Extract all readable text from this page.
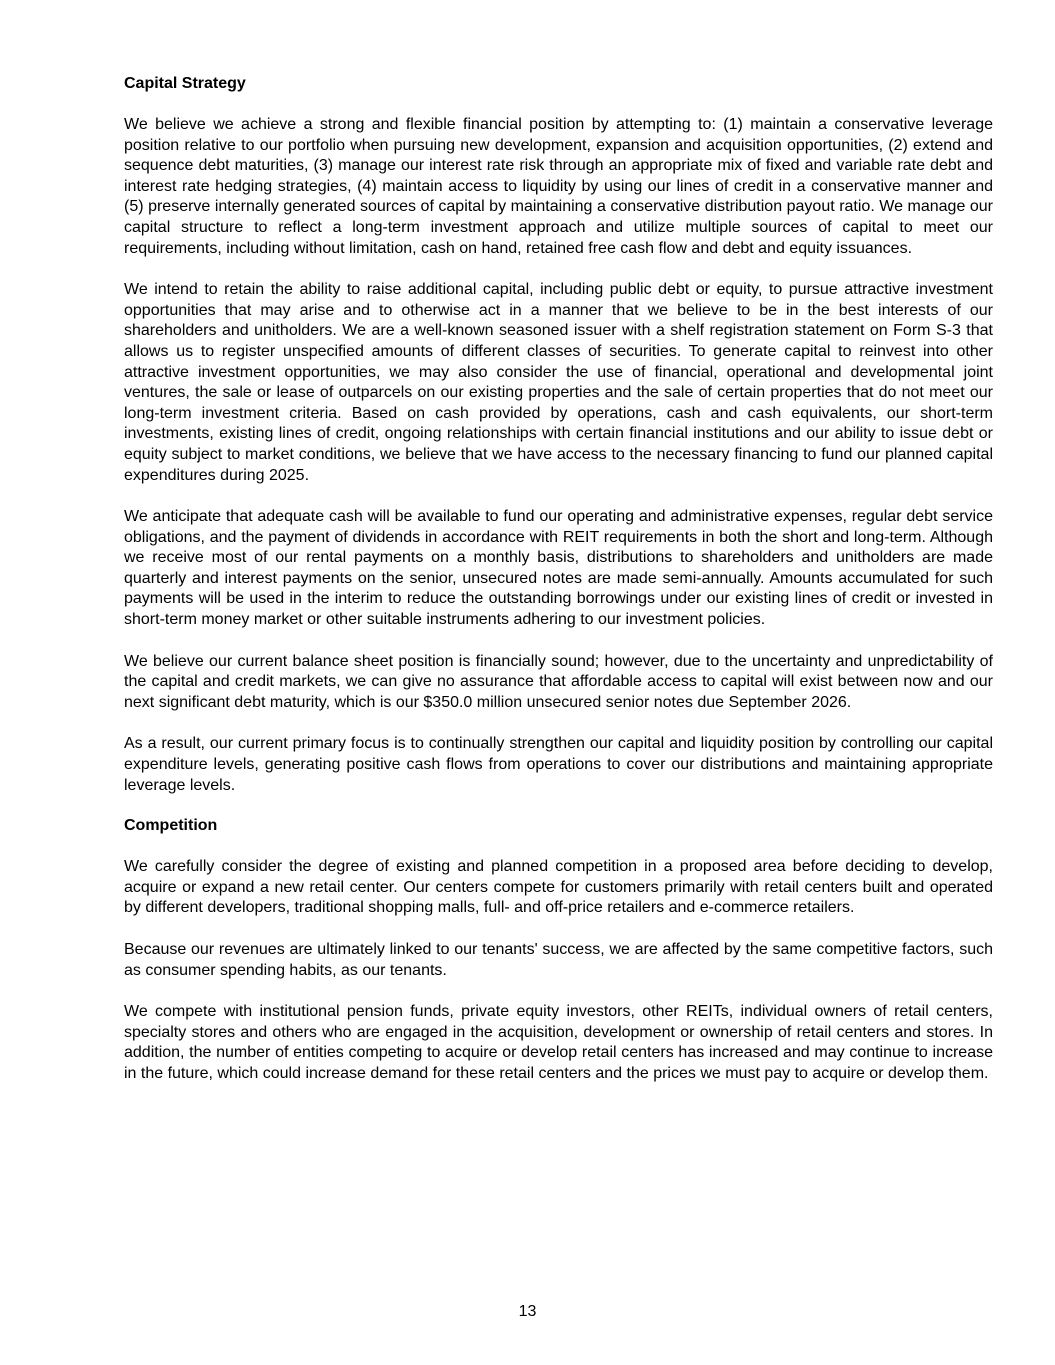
Capital Strategy

We believe we achieve a strong and flexible financial position by attempting to: (1) maintain a conservative leverage position relative to our portfolio when pursuing new development, expansion and acquisition opportunities, (2) extend and sequence debt maturities, (3) manage our interest rate risk through an appropriate mix of fixed and variable rate debt and interest rate hedging strategies, (4) maintain access to liquidity by using our lines of credit in a conservative manner and (5) preserve internally generated sources of capital by maintaining a conservative distribution payout ratio. We manage our capital structure to reflect a long-term investment approach and utilize multiple sources of capital to meet our requirements, including without limitation, cash on hand, retained free cash flow and debt and equity issuances.

We intend to retain the ability to raise additional capital, including public debt or equity, to pursue attractive investment opportunities that may arise and to otherwise act in a manner that we believe to be in the best interests of our shareholders and unitholders. We are a well-known seasoned issuer with a shelf registration statement on Form S-3 that allows us to register unspecified amounts of different classes of securities. To generate capital to reinvest into other attractive investment opportunities, we may also consider the use of financial, operational and developmental joint ventures, the sale or lease of outparcels on our existing properties and the sale of certain properties that do not meet our long-term investment criteria. Based on cash provided by operations, cash and cash equivalents, our short-term investments, existing lines of credit, ongoing relationships with certain financial institutions and our ability to issue debt or equity subject to market conditions, we believe that we have access to the necessary financing to fund our planned capital expenditures during 2025.

We anticipate that adequate cash will be available to fund our operating and administrative expenses, regular debt service obligations, and the payment of dividends in accordance with REIT requirements in both the short and long-term. Although we receive most of our rental payments on a monthly basis, distributions to shareholders and unitholders are made quarterly and interest payments on the senior, unsecured notes are made semi-annually. Amounts accumulated for such payments will be used in the interim to reduce the outstanding borrowings under our existing lines of credit or invested in short-term money market or other suitable instruments adhering to our investment policies.

We believe our current balance sheet position is financially sound; however, due to the uncertainty and unpredictability of the capital and credit markets, we can give no assurance that affordable access to capital will exist between now and our next significant debt maturity, which is our $350.0 million unsecured senior notes due September 2026.

As a result, our current primary focus is to continually strengthen our capital and liquidity position by controlling our capital expenditure levels, generating positive cash flows from operations to cover our distributions and maintaining appropriate leverage levels.

Competition

We carefully consider the degree of existing and planned competition in a proposed area before deciding to develop, acquire or expand a new retail center. Our centers compete for customers primarily with retail centers built and operated by different developers, traditional shopping malls, full- and off-price retailers and e-commerce retailers.

Because our revenues are ultimately linked to our tenants' success, we are affected by the same competitive factors, such as consumer spending habits, as our tenants.

We compete with institutional pension funds, private equity investors, other REITs, individual owners of retail centers, specialty stores and others who are engaged in the acquisition, development or ownership of retail centers and stores. In addition, the number of entities competing to acquire or develop retail centers has increased and may continue to increase in the future, which could increase demand for these retail centers and the prices we must pay to acquire or develop them.

13
